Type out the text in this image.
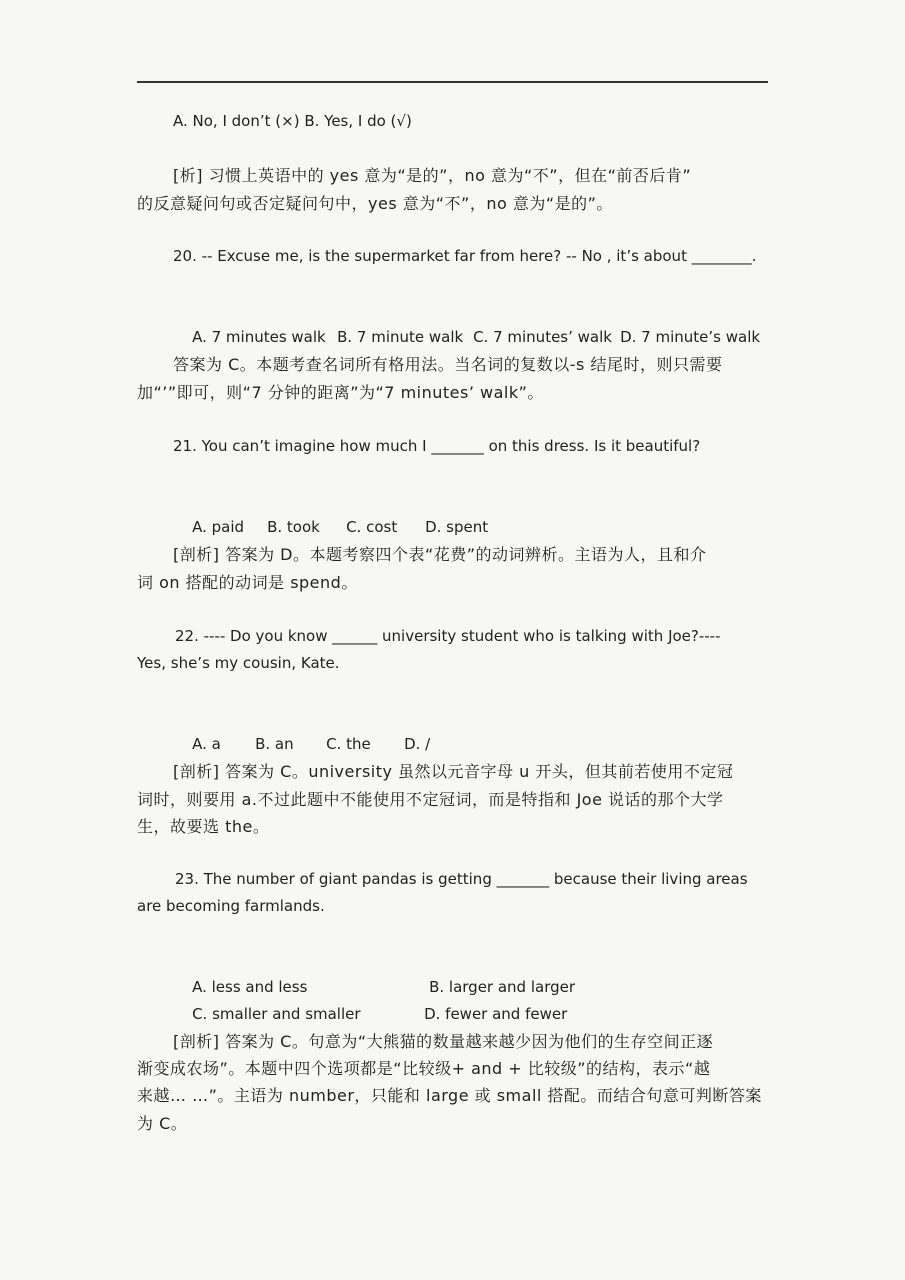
A. No, I don’t (×) B. Yes, I do (√)

[析] 习惯上英语中的 yes 意为“是的”，no 意为“不”，但在“前否后肯”

的反意疑问句或否定疑问句中，yes 意为“不”，no 意为“是的”。

20. -- Excuse me, is the supermarket far from here? -- No , it’s about ________.

A. 7 minutes walk B. 7 minute walk C. 7 minutes’ walk D. 7 minute’s walk

答案为 C。本题考查名词所有格用法。当名词的复数以-s 结尾时，则只需要

加“’”即可，则“7 分钟的距离”为“7 minutes’ walk”。

21. You can’t imagine how much I _______ on this dress. Is it beautiful?

A. paid B. took C. cost D. spent

[剖析] 答案为 D。本题考察四个表“花费”的动词辨析。主语为人，且和介

词 on 搭配的动词是 spend。

22. ---- Do you know ______ university student who is talking with Joe?----

Yes, she’s my cousin, Kate.

A. a B. an C. the D. /

[剖析] 答案为 C。university 虽然以元音字母 u 开头，但其前若使用不定冠

词时，则要用 a.不过此题中不能使用不定冠词，而是特指和 Joe 说话的那个大学

生，故要选 the。

23. The number of giant pandas is getting _______ because their living areas

are becoming farmlands.

A. less and less	B. larger and larger

C. smaller and smaller	D. fewer and fewer

[剖析] 答案为 C。句意为“大熊猫的数量越来越少因为他们的生存空间正逐

渐变成农场”。本题中四个选项都是“比较级+ and + 比较级”的结构，表示“越

来越… …”。主语为 number，只能和 large 或 small 搭配。而结合句意可判断答案

为 C。
